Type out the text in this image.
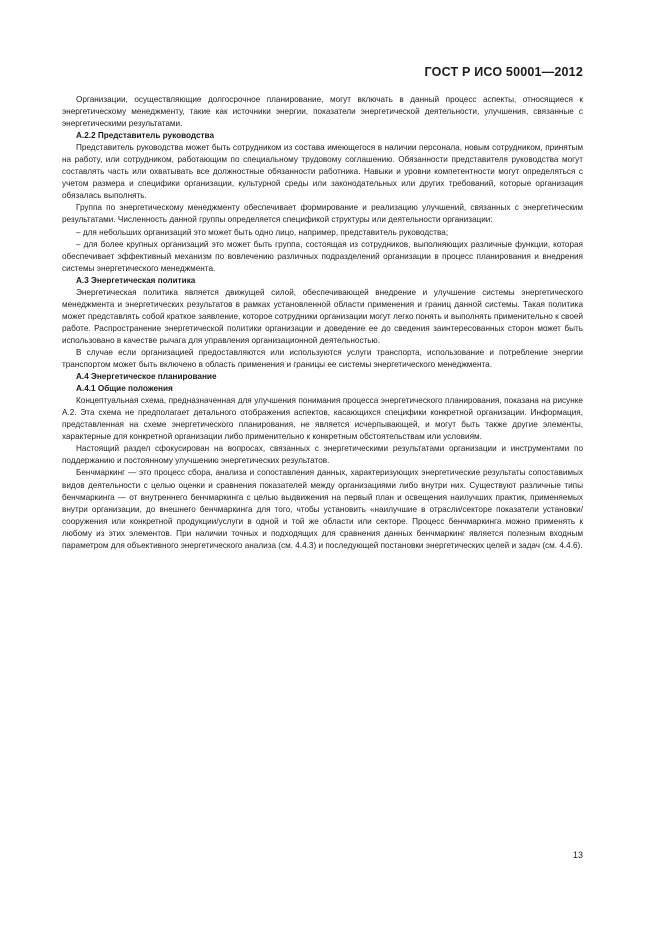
ГОСТ Р ИСО 50001—2012

Организации, осуществляющие долгосрочное планирование, могут включать в данный процесс аспекты, относящиеся к энергетическому менеджменту, такие как источники энергии, показатели энергетической деятельности, улучшения, связанные с энергетическими результатами.

А.2.2 Представитель руководства

Представитель руководства может быть сотрудником из состава имеющегося в наличии персонала, новым сотрудником, принятым на работу, или сотрудником, работающим по специальному трудовому соглашению. Обязанности представителя руководства могут составлять часть или охватывать все должностные обязанности работника. Навыки и уровни компетентности могут определяться с учетом размера и специфики организации, культурной среды или законодательных или других требований, которые организация обязалась выполнять.

Группа по энергетическому менеджменту обеспечивает формирование и реализацию улучшений, связанных с энергетическим результатами. Численность данной группы определяется спецификой структуры или деятельности организации:

– для небольших организаций это может быть одно лицо, например, представитель руководства;

– для более крупных организаций это может быть группа, состоящая из сотрудников, выполняющих различные функции, которая обеспечивает эффективный механизм по вовлечению различных подразделений организации в процесс планирования и внедрения системы энергетического менеджмента.

А.3 Энергетическая политика

Энергетическая политика является движущей силой, обеспечивающей внедрение и улучшение системы энергетического менеджмента и энергетических результатов в рамках установленной области применения и границ данной системы. Такая политика может представлять собой краткое заявление, которое сотрудники организации могут легко понять и выполнять применительно к своей работе. Распространение энергетической политики организации и доведение ее до сведения заинтересованных сторон может быть использовано в качестве рычага для управления организационной деятельностью.

В случае если организацией предоставляются или используются услуги транспорта, использование и потребление энергии транспортом может быть включено в область применения и границы ее системы энергетического менеджмента.

А.4 Энергетическое планирование
А.4.1 Общие положения

Концептуальная схема, предназначенная для улучшения понимания процесса энергетического планирования, показана на рисунке А.2. Эта схема не предполагает детального отображения аспектов, касающихся специфики конкретной организации. Информация, представленная на схеме энергетического планирования, не является исчерпывающей, и могут быть также другие элементы, характерные для конкретной организации либо применительно к конкретным обстоятельствам или условиям.

Настоящий раздел сфокусирован на вопросах, связанных с энергетическими результатами организации и инструментами по поддержанию и постоянному улучшению энергетических результатов.

Бенчмаркинг — это процесс сбора, анализа и сопоставления данных, характеризующих энергетические результаты сопоставимых видов деятельности с целью оценки и сравнения показателей между организациями либо внутри них. Существуют различные типы бенчмаркинга — от внутреннего бенчмаркинга с целью выдвижения на первый план и освещения наилучших практик, применяемых внутри организации, до внешнего бенчмаркинга для того, чтобы установить «наилучшие в отрасли/секторе показатели установки/сооружения или конкретной продукции/услуги в одной и той же области или секторе. Процесс бенчмаркинга можно применять к любому из этих элементов. При наличии точных и подходящих для сравнения данных бенчмаркинг является полезным входным параметром для объективного энергетического анализа (см. 4.4.3) и последующей постановки энергетических целей и задач (см. 4.4.6).

13
